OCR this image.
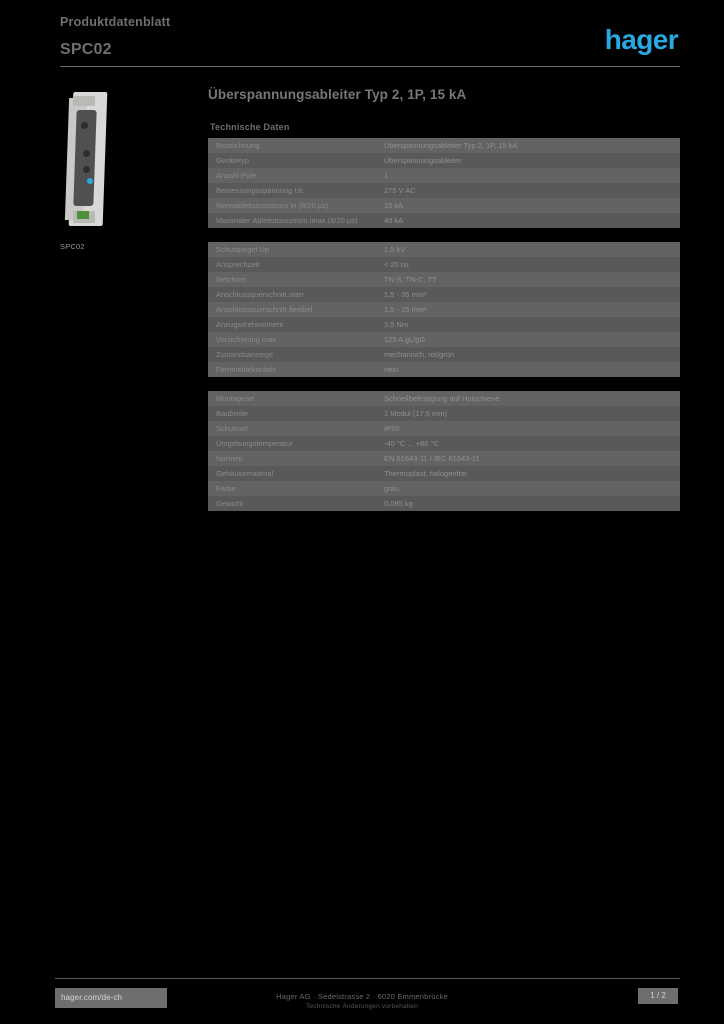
Produktdatenblatt
SPC02	hager
SPC02
Überspannungsableiter Typ 2, 1P, 15 kA
Technische Daten
Bezeichnung	Überspannungsableiter Typ 2, 1P, 15 kA
Gerätetyp	Überspannungsableiter
Anzahl Pole	1
Bemessungsspannung Uc	275 V AC
Nennableitstossstrom In (8/20 µs)	15 kA
Maximaler Ableitstossstrom Imax (8/20 µs)	40 kA
Schutzpegel Up	1,5 kV
Ansprechzeit	< 25 ns
Netzform	TN-S, TN-C, TT
Anschlussquerschnitt starr	1,5 - 35 mm²
Anschlussquerschnitt flexibel	1,5 - 25 mm²
Anzugsdrehmoment	3,5 Nm
Vorsicherung max.	125 A gL/gG
Zustandsanzeige	mechanisch, rot/grün
Fernmeldekontakt	nein
Montageart	Schnellbefestigung auf Hutschiene
Baubreite	1 Modul (17,5 mm)
Schutzart	IP20
Umgebungstemperatur	-40 °C ... +80 °C
Normen	EN 61643-11 / IEC 61643-11
Gehäusematerial	Thermoplast, halogenfrei
Farbe	grau
Gewicht	0,085 kg
hager.com/de-ch	Hager AG · Sedelstrasse 2 · 6020 Emmenbrücke
Technische Änderungen vorbehalten
1 / 2
